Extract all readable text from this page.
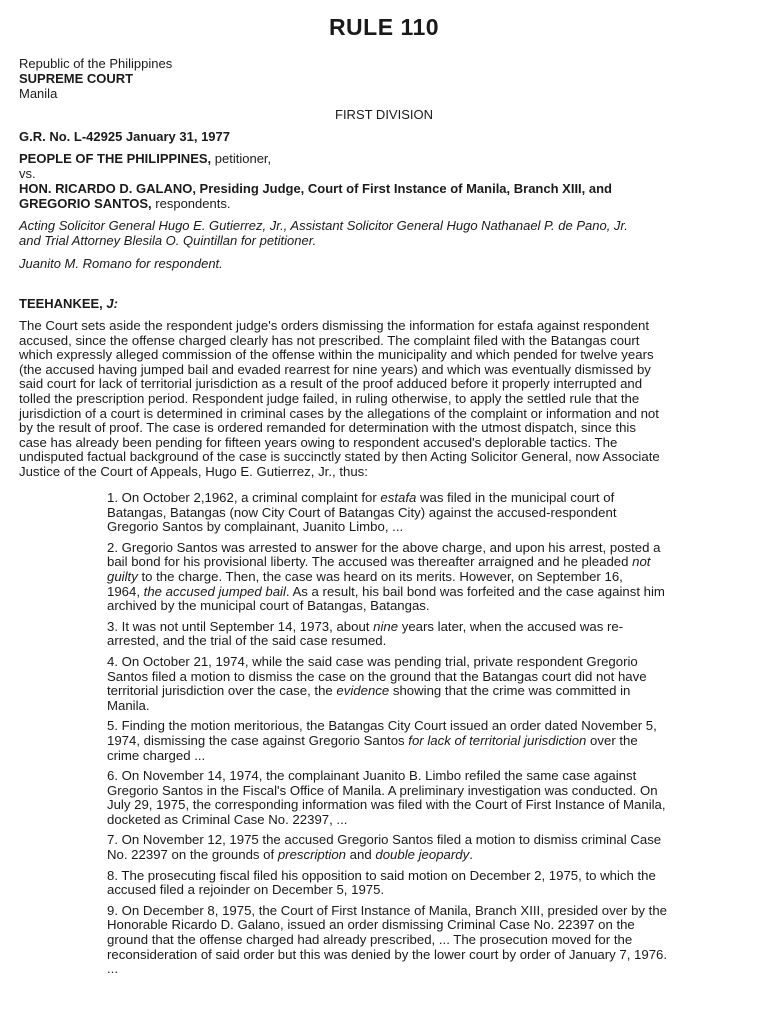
RULE 110
Republic of the Philippines
SUPREME COURT
Manila
FIRST DIVISION
G.R. No. L-42925 January 31, 1977
PEOPLE OF THE PHILIPPINES, petitioner,
vs.
HON. RICARDO D. GALANO, Presiding Judge, Court of First Instance of Manila, Branch XIII, and
GREGORIO SANTOS, respondents.
Acting Solicitor General Hugo E. Gutierrez, Jr., Assistant Solicitor General Hugo Nathanael P. de Pano, Jr.
and Trial Attorney Blesila O. Quintillan for petitioner.
Juanito M. Romano for respondent.
TEEHANKEE, J:
The Court sets aside the respondent judge's orders dismissing the information for estafa against respondent
accused, since the offense charged clearly has not prescribed. The complaint filed with the Batangas court
which expressly alleged commission of the offense within the municipality and which pended for twelve years
(the accused having jumped bail and evaded rearrest for nine years) and which was eventually dismissed by
said court for lack of territorial jurisdiction as a result of the proof adduced before it properly interrupted and
tolled the prescription period. Respondent judge failed, in ruling otherwise, to apply the settled rule that the
jurisdiction of a court is determined in criminal cases by the allegations of the complaint or information and not
by the result of proof. The case is ordered remanded for determination with the utmost dispatch, since this
case has already been pending for fifteen years owing to respondent accused's deplorable tactics. The
undisputed factual background of the case is succinctly stated by then Acting Solicitor General, now Associate
Justice of the Court of Appeals, Hugo E. Gutierrez, Jr., thus:
1. On October 2,1962, a criminal complaint for estafa was filed in the municipal court of
Batangas, Batangas (now City Court of Batangas City) against the accused-respondent
Gregorio Santos by complainant, Juanito Limbo, ...
2. Gregorio Santos was arrested to answer for the above charge, and upon his arrest, posted a
bail bond for his provisional liberty. The accused was thereafter arraigned and he pleaded not
guilty to the charge. Then, the case was heard on its merits. However, on September 16,
1964, the accused jumped bail. As a result, his bail bond was forfeited and the case against him
archived by the municipal court of Batangas, Batangas.
3. It was not until September 14, 1973, about nine years later, when the accused was re-
arrested, and the trial of the said case resumed.
4. On October 21, 1974, while the said case was pending trial, private respondent Gregorio
Santos filed a motion to dismiss the case on the ground that the Batangas court did not have
territorial jurisdiction over the case, the evidence showing that the crime was committed in
Manila.
5. Finding the motion meritorious, the Batangas City Court issued an order dated November 5,
1974, dismissing the case against Gregorio Santos for lack of territorial jurisdiction over the
crime charged ...
6. On November 14, 1974, the complainant Juanito B. Limbo refiled the same case against
Gregorio Santos in the Fiscal's Office of Manila. A preliminary investigation was conducted. On
July 29, 1975, the corresponding information was filed with the Court of First Instance of Manila,
docketed as Criminal Case No. 22397, ...
7. On November 12, 1975 the accused Gregorio Santos filed a motion to dismiss criminal Case
No. 22397 on the grounds of prescription and double jeopardy.
8. The prosecuting fiscal filed his opposition to said motion on December 2, 1975, to which the
accused filed a rejoinder on December 5, 1975.
9. On December 8, 1975, the Court of First Instance of Manila, Branch XIII, presided over by the
Honorable Ricardo D. Galano, issued an order dismissing Criminal Case No. 22397 on the
ground that the offense charged had already prescribed, ... The prosecution moved for the
reconsideration of said order but this was denied by the lower court by order of January 7, 1976.
...
